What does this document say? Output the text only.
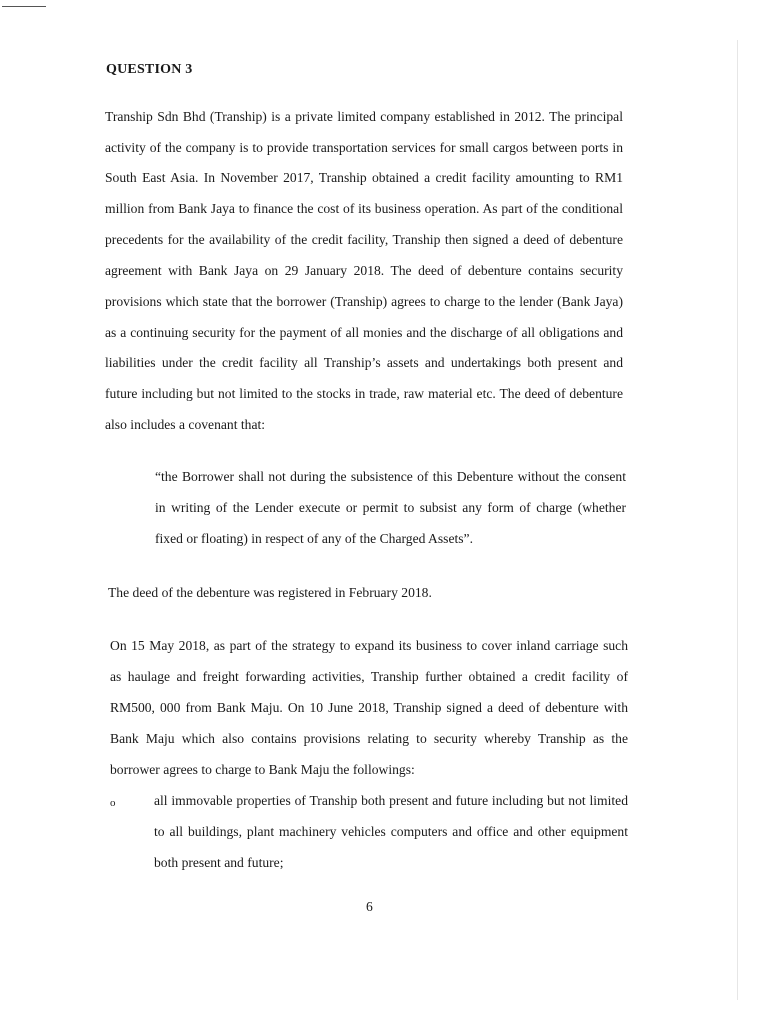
QUESTION 3
Tranship Sdn Bhd (Tranship) is a private limited company established in 2012. The principal
activity of the company is to provide transportation services for small cargos between ports in
South East Asia. In November 2017, Tranship obtained a credit facility amounting to RM1
million from Bank Jaya to finance the cost of its business operation. As part of the conditional
precedents for the availability of the credit facility, Tranship then signed a deed of debenture
agreement with Bank Jaya on 29 January 2018. The deed of debenture contains security
provisions which state that the borrower (Tranship) agrees to charge to the lender (Bank Jaya)
as a continuing security for the payment of all monies and the discharge of all obligations and
liabilities under the credit facility all Tranship’s assets and undertakings both present and
future including but not limited to the stocks in trade, raw material etc. The deed of debenture
also includes a covenant that:
“the Borrower shall not during the subsistence of this Debenture without the consent
in writing of the Lender execute or permit to subsist any form of charge (whether
fixed or floating) in respect of any of the Charged Assets”.
The deed of the debenture was registered in February 2018.
On 15 May 2018, as part of the strategy to expand its business to cover inland carriage such
as haulage and freight forwarding activities, Tranship further obtained a credit facility of
RM500, 000 from Bank Maju. On 10 June 2018, Tranship signed a deed of debenture with
Bank Maju which also contains provisions relating to security whereby Tranship as the
borrower agrees to charge to Bank Maju the followings:
o	all immovable properties of Tranship both present and future including but not limited
to all buildings, plant machinery vehicles computers and office and other equipment
both present and future;
6
